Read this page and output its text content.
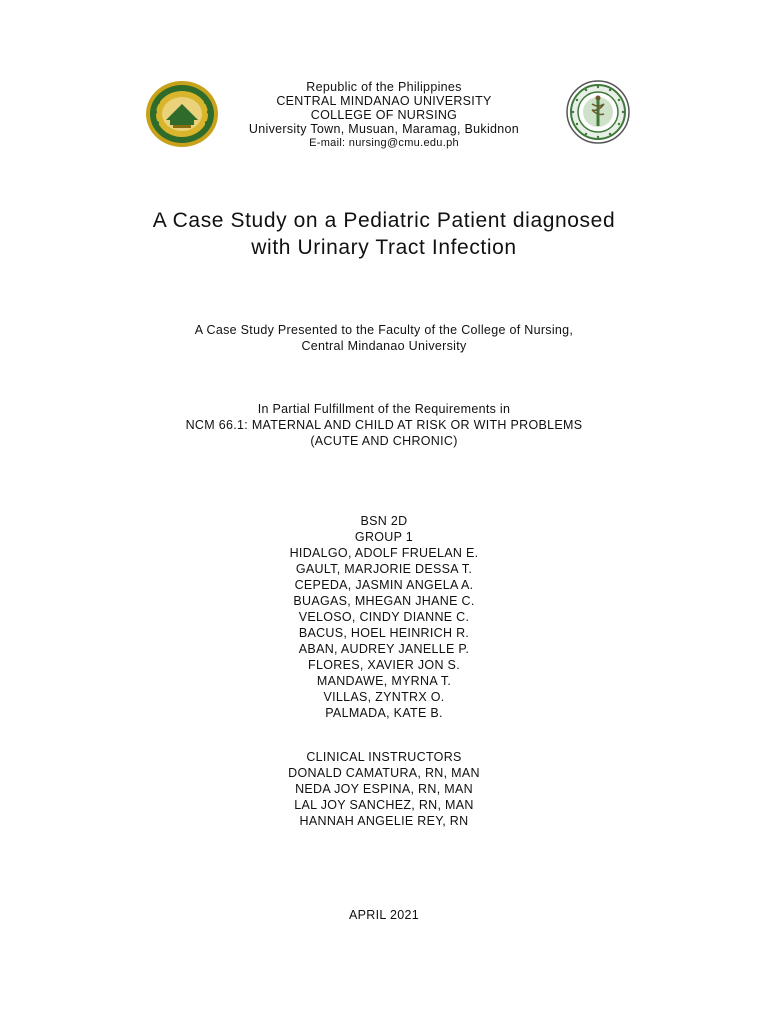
Republic of the Philippines
CENTRAL MINDANAO UNIVERSITY
COLLEGE OF NURSING
University Town, Musuan, Maramag, Bukidnon
E-mail: nursing@cmu.edu.ph
A Case Study on a Pediatric Patient diagnosed
with Urinary Tract Infection
A Case Study Presented to the Faculty of the College of Nursing,
Central Mindanao University
In Partial Fulfillment of the Requirements in
NCM 66.1: MATERNAL AND CHILD AT RISK OR WITH PROBLEMS
(ACUTE AND CHRONIC)
BSN 2D
GROUP 1
HIDALGO, ADOLF FRUELAN E.
GAULT, MARJORIE DESSA T.
CEPEDA, JASMIN ANGELA A.
BUAGAS, MHEGAN JHANE C.
VELOSO, CINDY DIANNE C.
BACUS, HOEL HEINRICH R.
ABAN, AUDREY JANELLE P.
FLORES, XAVIER JON S.
MANDAWE, MYRNA T.
VILLAS, ZYNTRX O.
PALMADA, KATE B.
CLINICAL INSTRUCTORS
DONALD CAMATURA, RN, MAN
NEDA JOY ESPINA, RN, MAN
LAL JOY SANCHEZ, RN, MAN
HANNAH ANGELIE REY, RN
APRIL 2021
